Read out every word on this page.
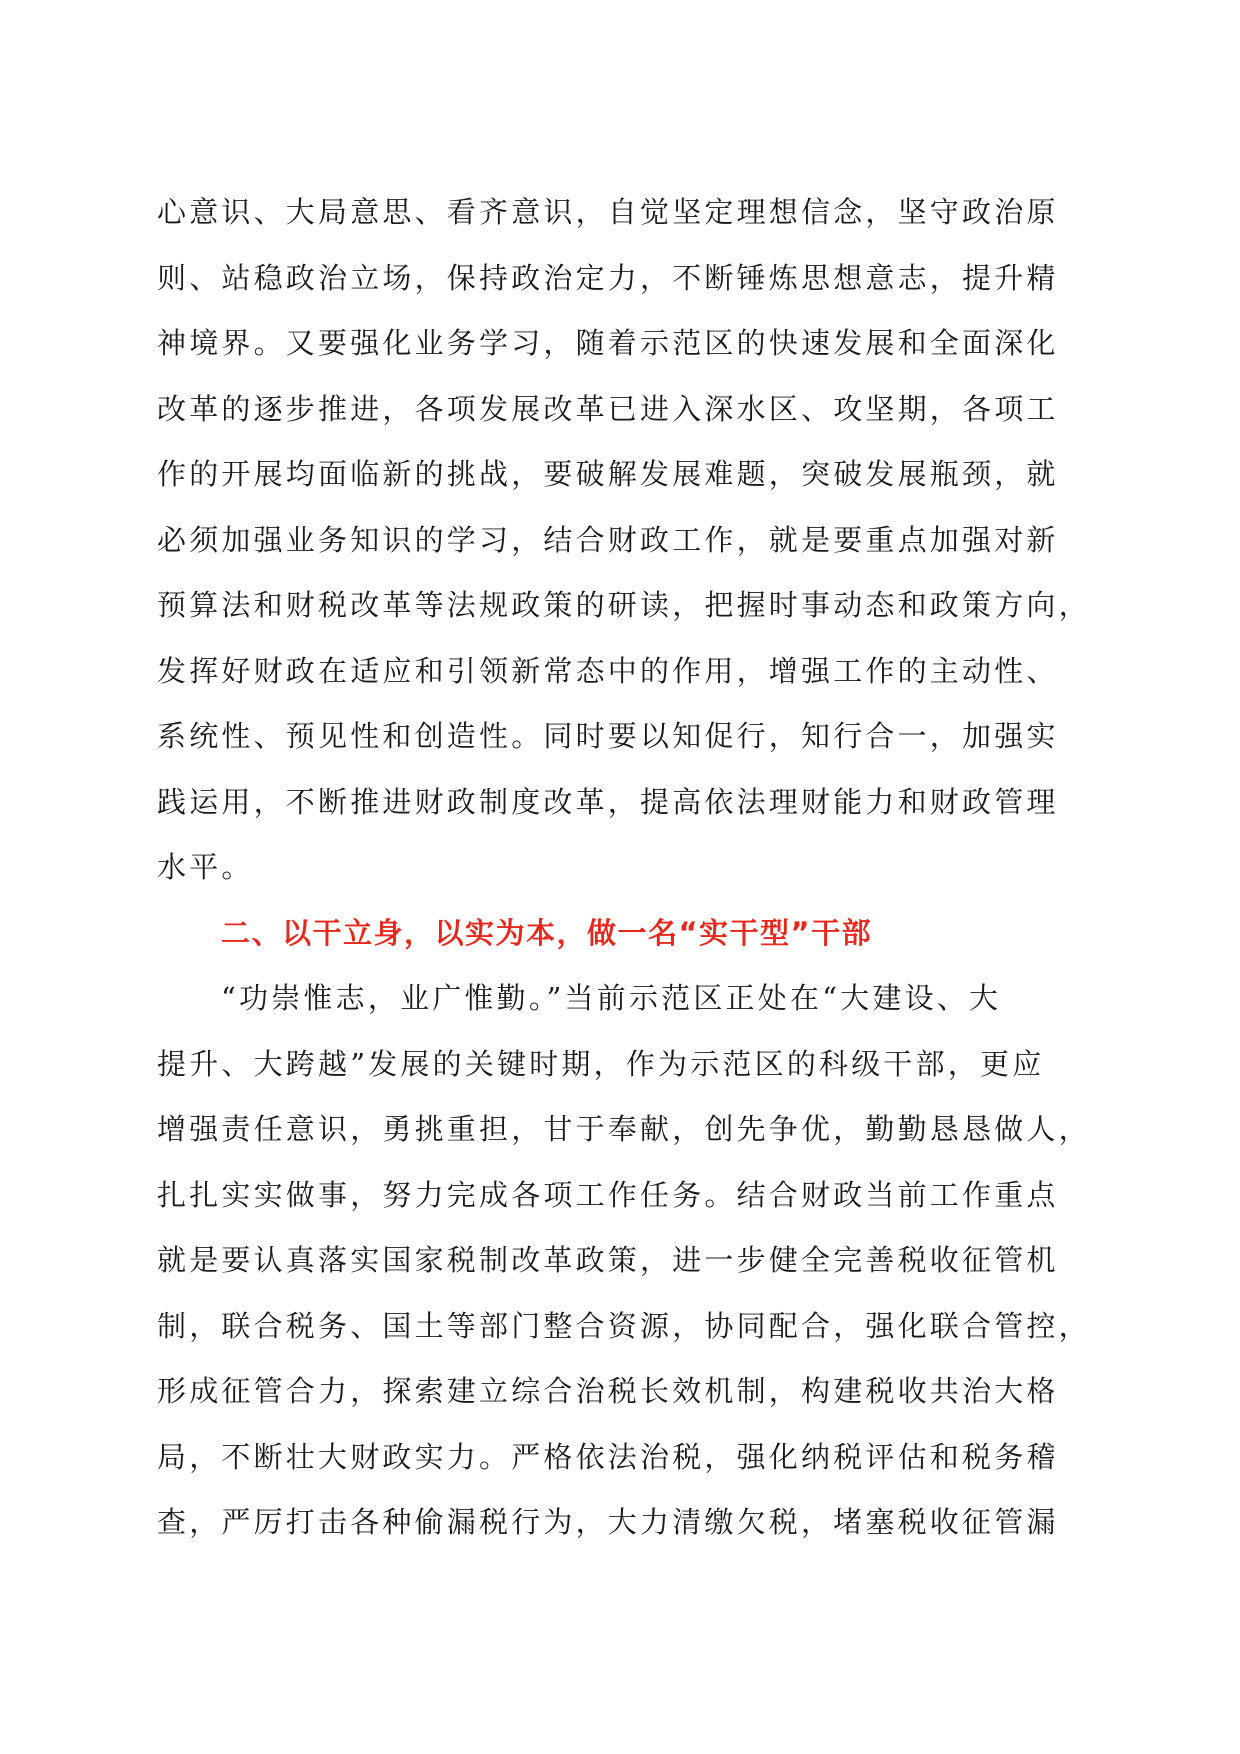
心意识、大局意思、看齐意识，自觉坚定理想信念，坚守政治原
则、站稳政治立场，保持政治定力，不断锤炼思想意志，提升精
神境界。又要强化业务学习，随着示范区的快速发展和全面深化
改革的逐步推进，各项发展改革已进入深水区、攻坚期，各项工
作的开展均面临新的挑战，要破解发展难题，突破发展瓶颈，就
必须加强业务知识的学习，结合财政工作，就是要重点加强对新
预算法和财税改革等法规政策的研读，把握时事动态和政策方向，
发挥好财政在适应和引领新常态中的作用，增强工作的主动性、
系统性、预见性和创造性。同时要以知促行，知行合一，加强实
践运用，不断推进财政制度改革，提高依法理财能力和财政管理
水平。
二、以干立身，以实为本，做一名“实干型”干部
“功崇惟志，业广惟勤。”当前示范区正处在“大建设、大
提升、大跨越”发展的关键时期，作为示范区的科级干部，更应
增强责任意识，勇挑重担，甘于奉献，创先争优，勤勤恳恳做人，
扎扎实实做事，努力完成各项工作任务。结合财政当前工作重点
就是要认真落实国家税制改革政策，进一步健全完善税收征管机
制，联合税务、国土等部门整合资源，协同配合，强化联合管控，
形成征管合力，探索建立综合治税长效机制，构建税收共治大格
局，不断壮大财政实力。严格依法治税，强化纳税评估和税务稽
查，严厉打击各种偷漏税行为，大力清缴欠税，堵塞税收征管漏
